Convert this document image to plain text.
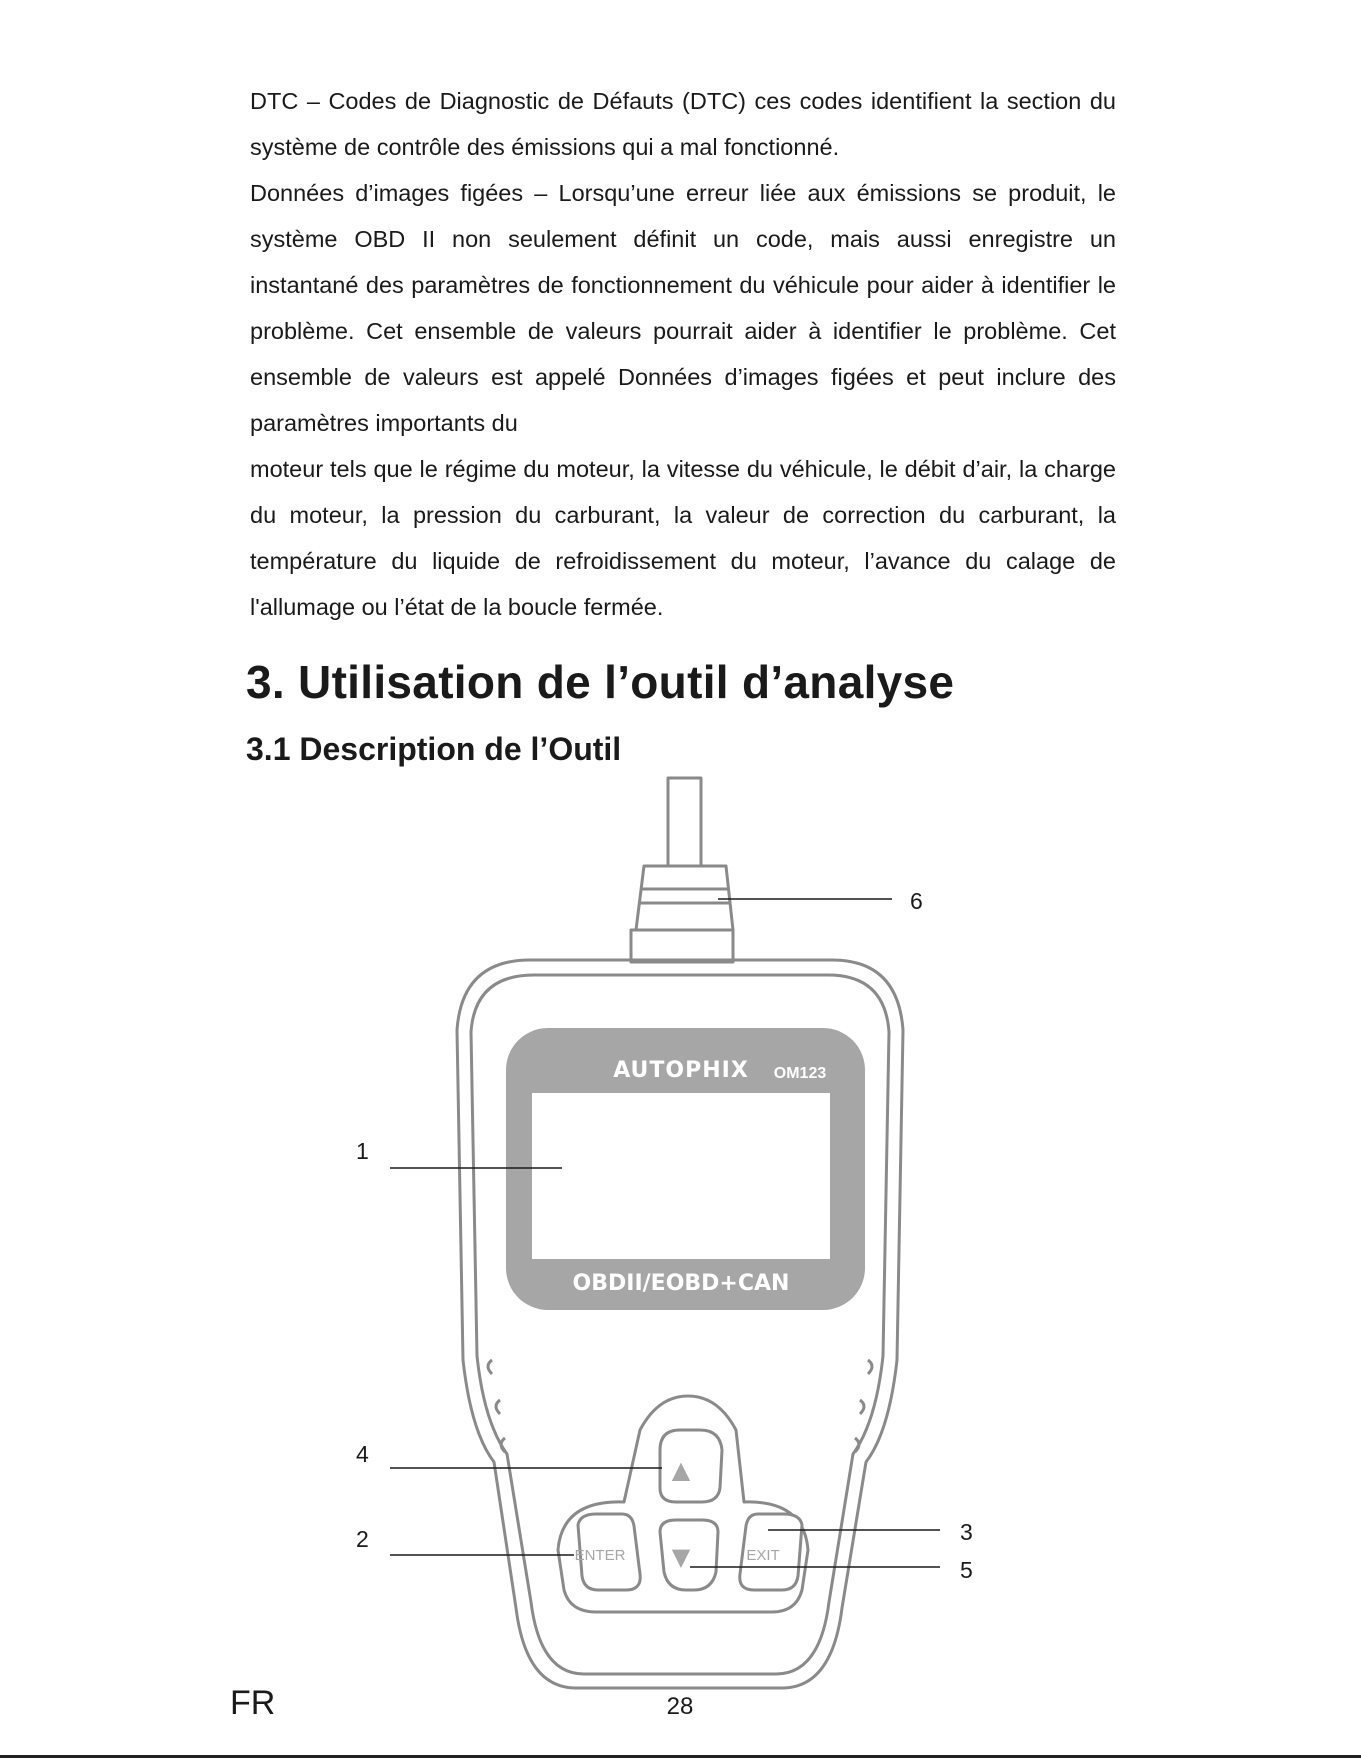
DTC – Codes de Diagnostic de Défauts (DTC) ces codes identifient la section du système de contrôle des émissions qui a mal fonctionné.

Données d’images figées – Lorsqu’une erreur liée aux émissions se produit, le système OBD II non seulement définit un code, mais aussi enregistre un instantané des paramètres de fonctionnement du véhicule pour aider à identifier le problème. Cet ensemble de valeurs pourrait aider à identifier le problème. Cet ensemble de valeurs est appelé Données d’images figées et peut inclure des paramètres importants du

moteur tels que le régime du moteur, la vitesse du véhicule, le débit d’air, la charge du moteur, la pression du carburant, la valeur de correction du carburant, la température du liquide de refroidissement du moteur, l’avance du calage de l'allumage ou l’état de la boucle fermée.

3. Utilisation de l’outil d’analyse
3.1 Description de l’Outil
AUTOPHIX OM123
OBDII/EOBD+CAN
▲
▼
ENTER	EXIT
6
1
4
2	3
5
FR	28
